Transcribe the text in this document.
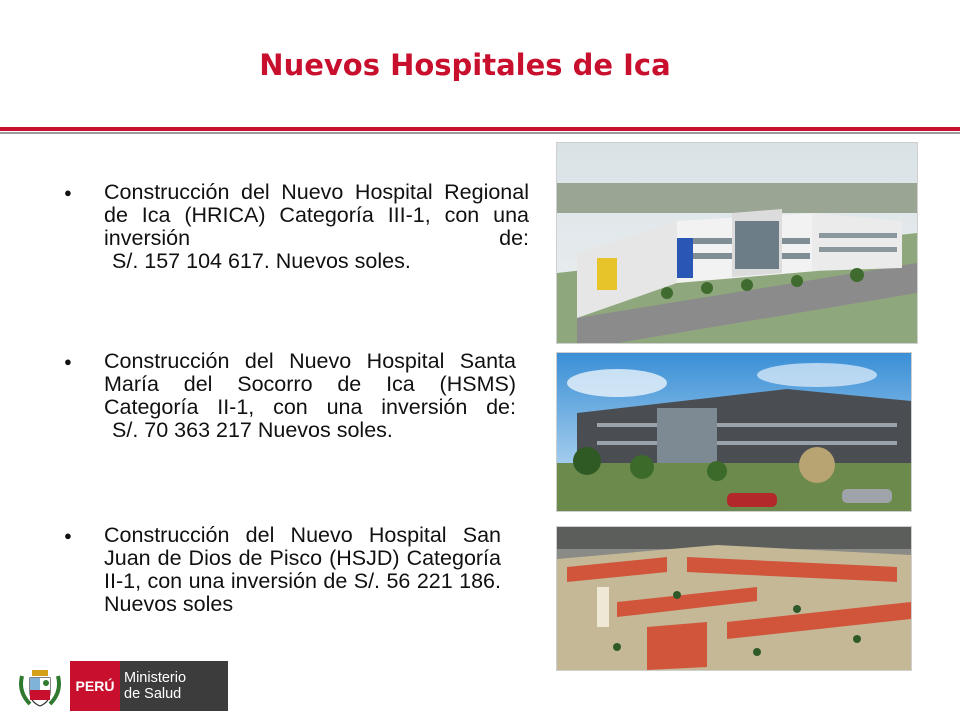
Nuevos Hospitales de Ica
● Construcción del Nuevo Hospital Regional de Ica (HRICA) Categoría III-1, con una inversión de:
S/. 157 104 617. Nuevos soles.
● Construcción del Nuevo Hospital Santa María del Socorro de Ica (HSMS) Categoría II-1, con una inversión de:
S/. 70 363 217 Nuevos soles.
● Construcción del Nuevo Hospital San Juan de Dios de Pisco (HSJD) Categoría II-1, con una inversión de S/. 56 221 186. Nuevos soles
PERÚ Ministerio
de Salud
